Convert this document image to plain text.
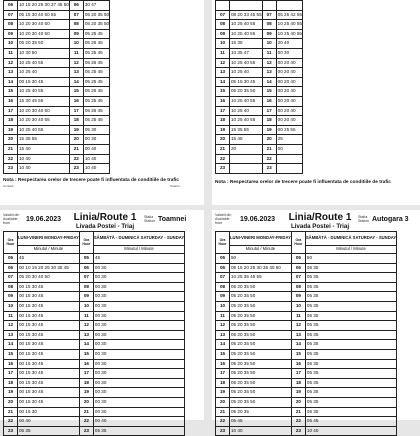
06	10 15 20 25 30 37 45 50	06	30 47
07	05 15 30 40 50 55	07	05 20 35 50
08	10 20 30 40 50	08	05 20 35 50
09	10 20 30 40 50	09	05 25 45
10	05 20 35 50	10	05 25 45
11	10 30 50	11	05 25 45
12	10 25 40 55	12	05 25 45
13	10 25 40	13	05 25 45
14	00 15 30 45	14	05 25 45
15	10 25 40 55	15	05 25 45
16	15 30 45 55	16	05 25 45
17	10 20 30 40 50	17	05 25 45
18	10 20 30 40 55	18	05 25 45
19	10 25 40 55	19	05 30
20	15 35 55	20	00 30
21	15 40	21	00 40
22	10 40	22	10 40
23	10 40	23	10 40
Nota : Respectarea orelor de trecere poate fi influentata de conditiile de trafic
Contact:	Telefon:

07	08 20 33 45 55	07	05 25 42 55
08	10 25 40 55	08	10 25 40 55
09	10 25 40 55	09	10 25 40 55
10	15 35	10	20 40
11	10 35 47	11	00 30
12	10 25 40 55	12	00 20 40
13	10 25 40	13	00 20 40
14	05 15 30 45	14	00 20 40
15	05 20 35 50	15	00 20 40
16	10 25 40 55	16	00 20 40
17	10 25 40	17	00 20 40
18	10 25 40 55	18	00 20 40
19	15 35 55	19	00 25 55
20	15 45	20	25
21	20	21	00
22		22	
23		23	
Nota : Respectarea orelor de trecere poate fi influentata de conditiile de trafic
Valabil din Available from	19.06.2023	Linia/Route 1
Livada Postei - Triaj
Statia Station Toamnei
Ora Hour	LUNI-VINERI MONDAY-FRIDAY	Ora Hour	SÂMBĂTĂ - DUMINICĂ SATURDAY - SUNDAY
	Minutul / Minute		Minutul / Minute
05	45	05	45
06	00 10 15 20 25 30 35 45	06	00 30
07	05 20 30 40 50	07	00 30
08	00 15 30 45	08	00 30
09	00 15 30 45	09	00 30
10	00 15 30 45	10	00 30
11	00 15 30 45	11	00 30
12	00 15 30 45	12	00 30
13	00 15 30 45	13	00 30
14	00 15 30 45	14	00 30
15	00 15 30 45	15	00 30
16	00 15 30 45	16	00 30
17	00 15 30 45	17	00 30
18	00 15 30 45	18	00 30
19	00 15 30 45	19	00 30
20	00 15 30 45	20	00 30
21	00 15 30	21	00 30
22	00 40	22	00 40
23	05 35	23	05 35
Valabil din Available from	19.06.2023	Linia/Route 1
Livada Postei - Triaj
Statia Station Autogara 3
Ora Hour	LUNI-VINERI MONDAY-FRIDAY	Ora Hour	SÂMBĂTĂ - DUMINICĂ SATURDAY - SUNDAY
	Minutul / Minute		Minutul / Minute
05	50	05	50
06	05 15 20 25 30 35 40 50	06	05 35
07	10 25 35 45 55	07	05 35
08	05 20 35 50	08	05 35
09	05 20 35 50	09	05 35
10	05 20 35 50	10	05 35
11	05 20 35 50	11	05 35
12	05 20 35 50	12	05 35
13	05 20 35 50	13	05 35
14	05 20 35 50	14	05 35
15	05 20 35 50	15	05 35
16	05 20 35 50	16	05 35
17	05 20 35 50	17	05 35
18	05 20 35 50	18	05 35
19	05 20 35 50	19	05 35
20	05 20 35 50	20	05 35
21	05 20 35	21	05 35
22	05 45	22	05 45
23	10 40	23	10 40
